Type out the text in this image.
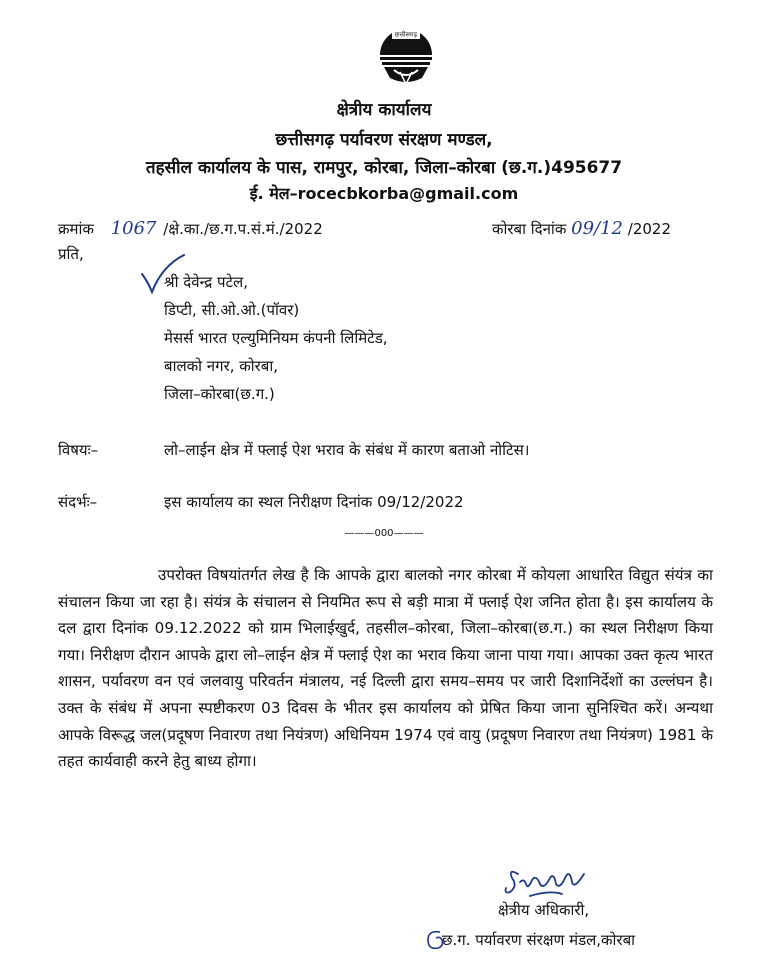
छत्तीसगढ़
क्षेत्रीय कार्यालय
छत्तीसगढ़ पर्यावरण संरक्षण मण्डल,
तहसील कार्यालय के पास, रामपुर, कोरबा, जिला–कोरबा (छ.ग.)495677
ई. मेल–rocecbkorba@gmail.com
क्रमांक 1067 /क्षे.का./छ.ग.प.सं.मं./2022	कोरबा दिनांक 09/12 /2022
प्रति,
श्री देवेन्द्र पटेल,
डिप्टी, सी.ओ.ओ.(पॉवर)
मेसर्स भारत एल्युमिनियम कंपनी लिमिटेड,
बालको नगर, कोरबा,
जिला–कोरबा(छ.ग.)
विषयः–	लो–लाईन क्षेत्र में फ्लाई ऐश भराव के संबंध में कारण बताओ नोटिस।
संदर्भः–	इस कार्यालय का स्थल निरीक्षण दिनांक 09/12/2022
———000———

उपरोक्त विषयांतर्गत लेख है कि आपके द्वारा बालको नगर कोरबा में कोयला आधारित विद्युत संयंत्र का संचालन किया जा रहा है। संयंत्र के संचालन से नियमित रूप से बड़ी मात्रा में फ्लाई ऐश जनित होता है। इस कार्यालय के दल द्वारा दिनांक 09.12.2022 को ग्राम भिलाईखुर्द, तहसील–कोरबा, जिला–कोरबा(छ.ग.) का स्थल निरीक्षण किया गया। निरीक्षण दौरान आपके द्वारा लो–लाईन क्षेत्र में फ्लाई ऐश का भराव किया जाना पाया गया। आपका उक्त कृत्य भारत शासन, पर्यावरण वन एवं जलवायु परिवर्तन मंत्रालय, नई दिल्ली द्वारा समय–समय पर जारी दिशानिर्देशों का उल्लंघन है। उक्त के संबंध में अपना स्पष्टीकरण 03 दिवस के भीतर इस कार्यालय को प्रेषित किया जाना सुनिश्चित करें। अन्यथा आपके विरूद्ध जल(प्रदूषण निवारण तथा नियंत्रण) अधिनियम 1974 एवं वायु (प्रदूषण निवारण तथा नियंत्रण) 1981 के तहत कार्यवाही करने हेतु बाध्य होगा।

क्षेत्रीय अधिकारी,
छ.ग. पर्यावरण संरक्षण मंडल,कोरबा
